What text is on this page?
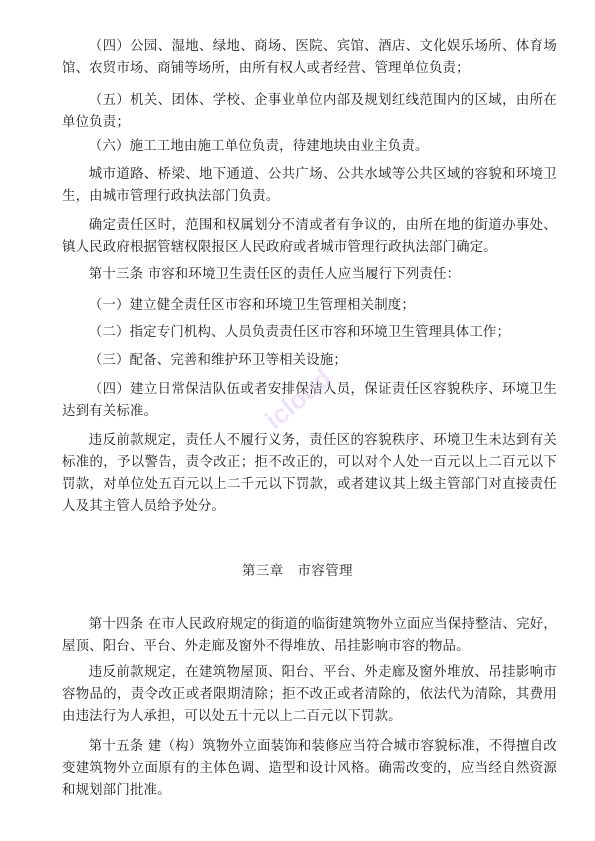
（四）公园、湿地、绿地、商场、医院、宾馆、酒店、文化娱乐场所、体育场馆、农贸市场、商铺等场所，由所有权人或者经营、管理单位负责；

（五）机关、团体、学校、企事业单位内部及规划红线范围内的区域，由所在单位负责；

（六）施工工地由施工单位负责，待建地块由业主负责。

城市道路、桥梁、地下通道、公共广场、公共水域等公共区域的容貌和环境卫生，由城市管理行政执法部门负责。

确定责任区时，范围和权属划分不清或者有争议的，由所在地的街道办事处、镇人民政府根据管辖权限报区人民政府或者城市管理行政执法部门确定。

第十三条 市容和环境卫生责任区的责任人应当履行下列责任：

（一）建立健全责任区市容和环境卫生管理相关制度；

（二）指定专门机构、人员负责责任区市容和环境卫生管理具体工作；

（三）配备、完善和维护环卫等相关设施；

（四）建立日常保洁队伍或者安排保洁人员，保证责任区容貌秩序、环境卫生达到有关标准。

违反前款规定，责任人不履行义务，责任区的容貌秩序、环境卫生未达到有关标准的，予以警告，责令改正；拒不改正的，可以对个人处一百元以上二百元以下罚款，对单位处五百元以上二千元以下罚款，或者建议其上级主管部门对直接责任人及其主管人员给予处分。

第三章　市容管理

第十四条 在市人民政府规定的街道的临街建筑物外立面应当保持整洁、完好，屋顶、阳台、平台、外走廊及窗外不得堆放、吊挂影响市容的物品。

违反前款规定，在建筑物屋顶、阳台、平台、外走廊及窗外堆放、吊挂影响市容物品的，责令改正或者限期清除；拒不改正或者清除的，依法代为清除，其费用由违法行为人承担，可以处五十元以上二百元以下罚款。

第十五条 建（构）筑物外立面装饰和装修应当符合城市容貌标准，不得擅自改变建筑物外立面原有的主体色调、造型和设计风格。确需改变的，应当经自然资源和规划部门批准。

icloud
